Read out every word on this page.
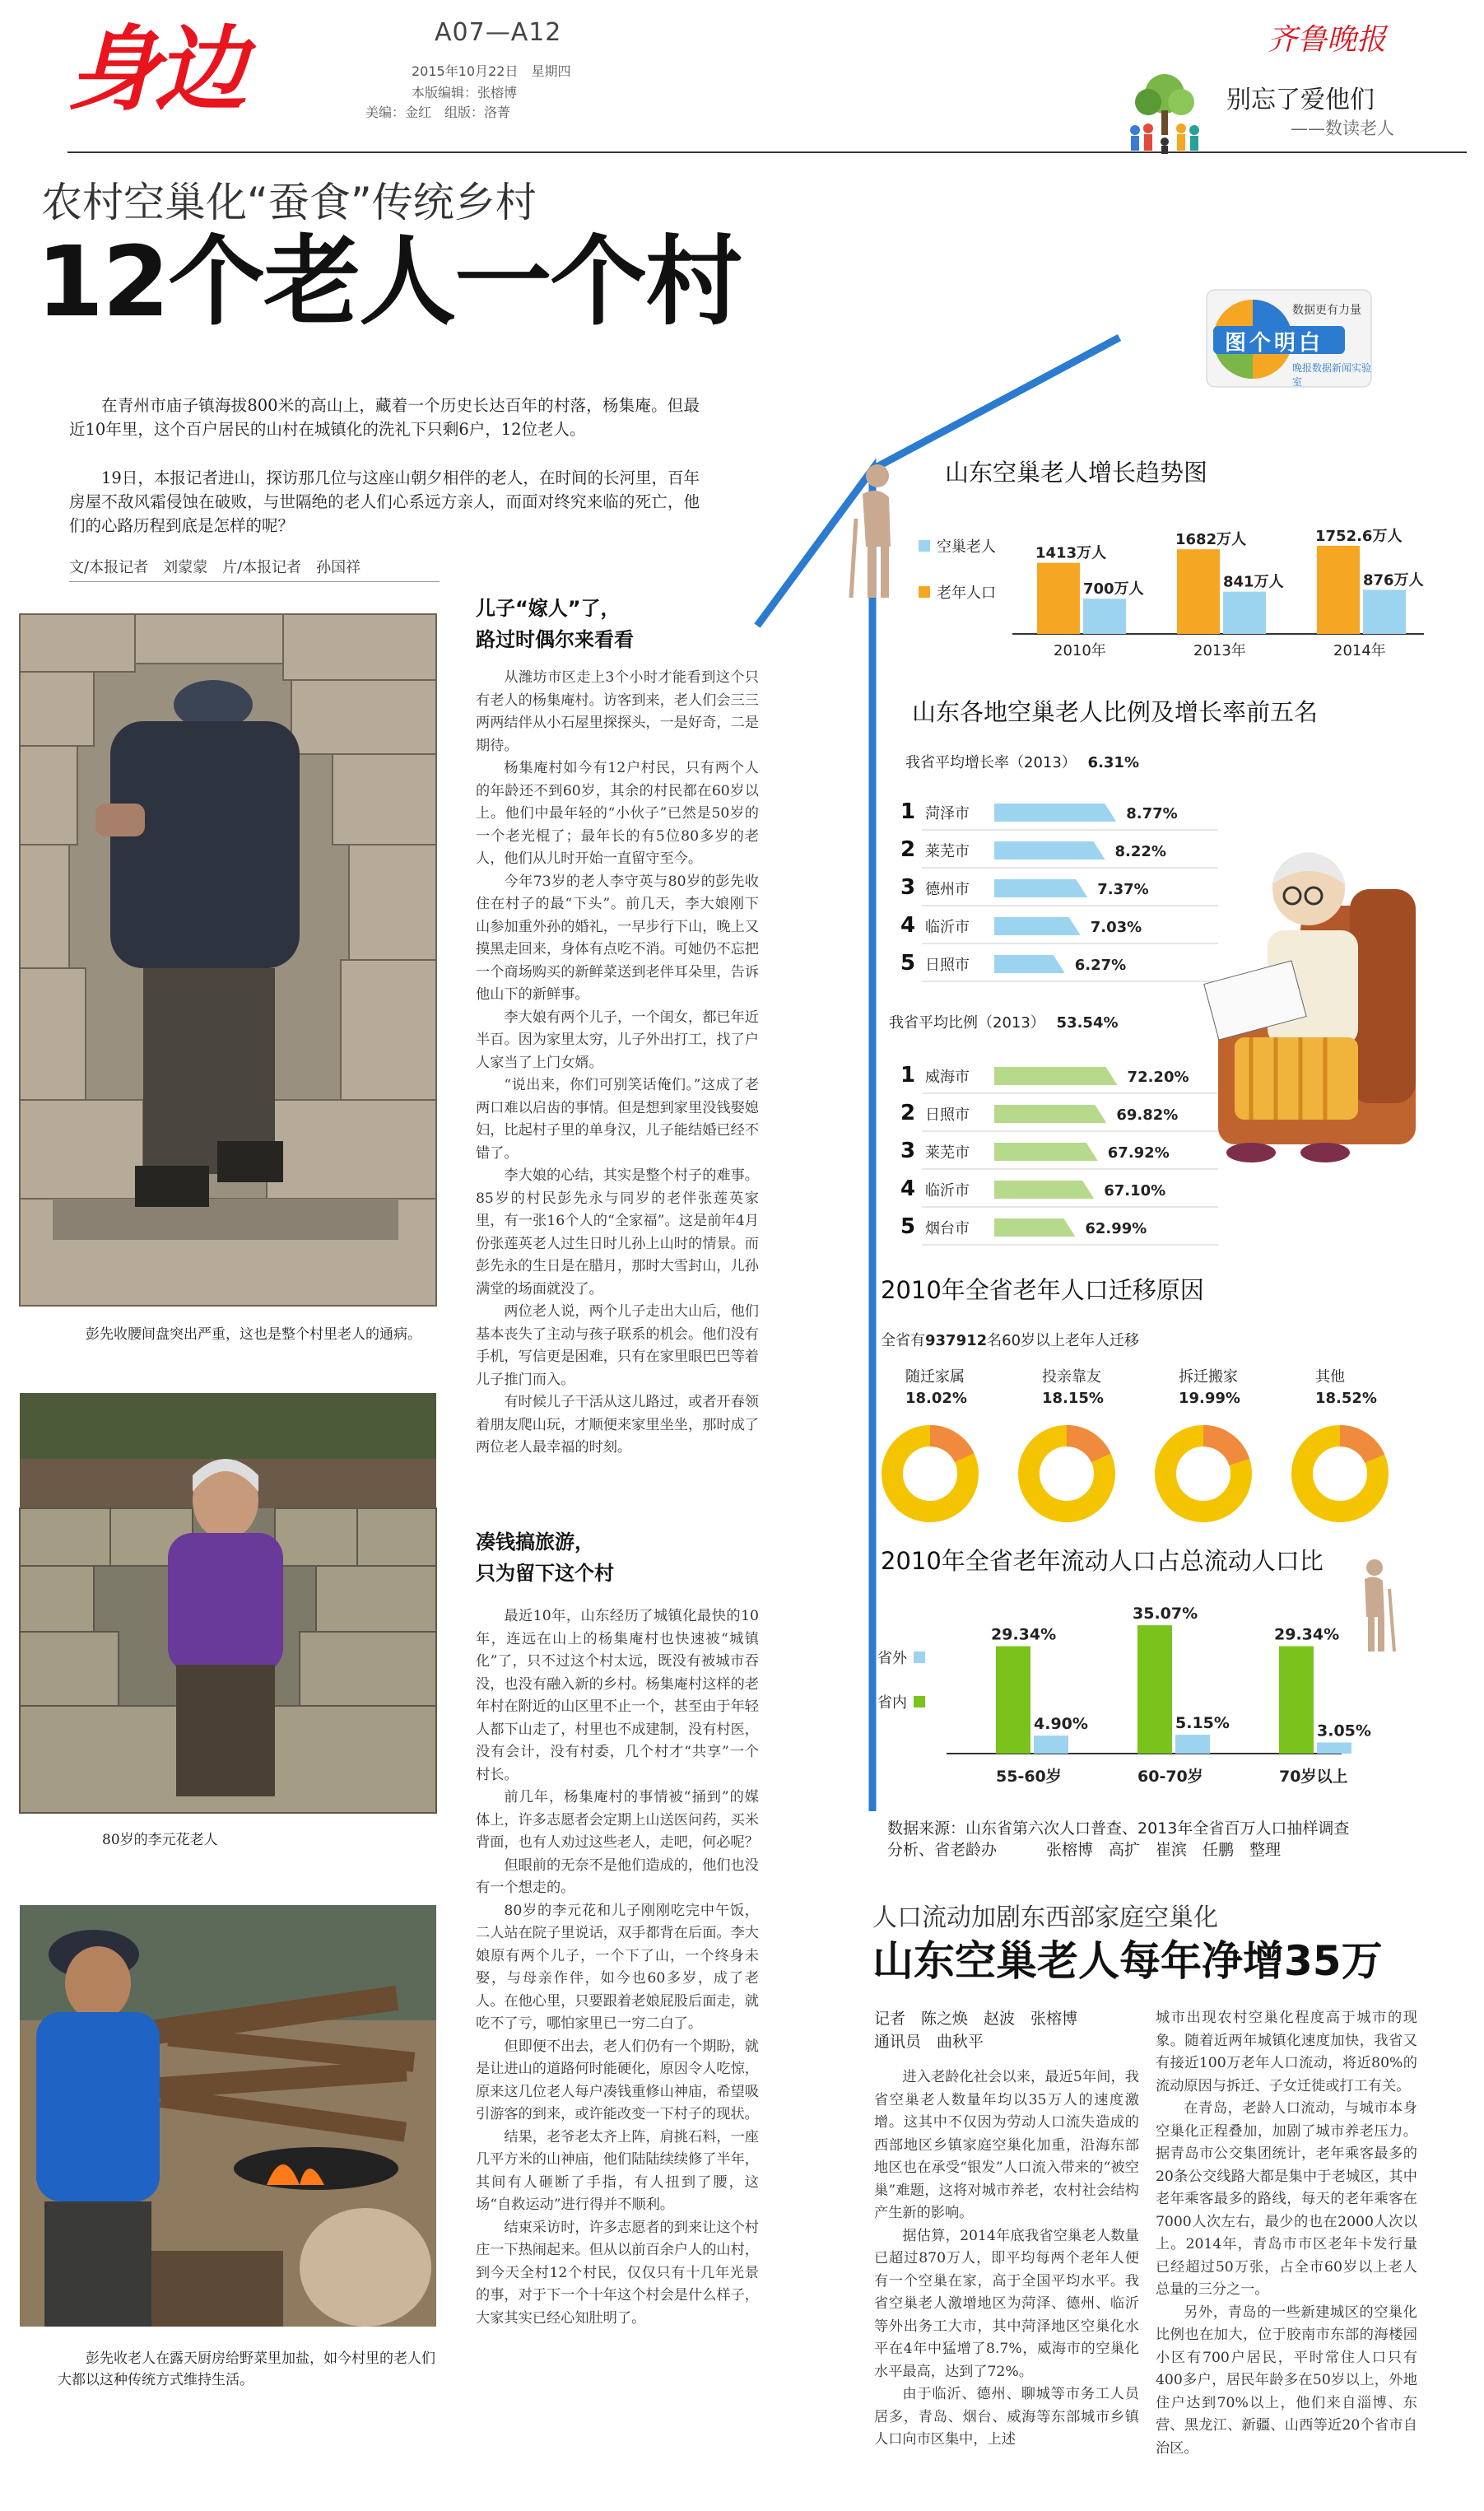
身边	A07—A12
2015年10月22日　星期四
本版编辑：张榕博
美编：金红　组版：洛菁
齐鲁晚报
别忘了爱他们
——数读老人
农村空巢化“蚕食”传统乡村
12个老人一个村
在青州市庙子镇海拔800米的高山上，藏着一个历史长达百年的村落，杨集庵。但最近10年里，这个百户居民的山村在城镇化的洗礼下只剩6户，12位老人。
19日，本报记者进山，探访那几位与这座山朝夕相伴的老人，在时间的长河里，百年房屋不敌风霜侵蚀在破败，与世隔绝的老人们心系远方亲人，而面对终究来临的死亡，他们的心路历程到底是怎样的呢？
文/本报记者　刘蒙蒙　片/本报记者　孙国祥
彭先收腰间盘突出严重，这也是整个村里老人的通病。
80岁的李元花老人
彭先收老人在露天厨房给野菜里加盐，如今村里的老人们大都以这种传统方式维持生活。
儿子“嫁人”了，
路过时偶尔来看看

从潍坊市区走上3个小时才能看到这个只有老人的杨集庵村。访客到来，老人们会三三两两结伴从小石屋里探探头，一是好奇，二是期待。

杨集庵村如今有12户村民，只有两个人的年龄还不到60岁，其余的村民都在60岁以上。他们中最年轻的“小伙子”已然是50岁的一个老光棍了；最年长的有5位80多岁的老人，他们从儿时开始一直留守至今。

今年73岁的老人李守英与80岁的彭先收住在村子的最“下头”。前几天，李大娘刚下山参加重外孙的婚礼，一早步行下山，晚上又摸黑走回来，身体有点吃不消。可她仍不忘把一个商场购买的新鲜菜送到老伴耳朵里，告诉他山下的新鲜事。

李大娘有两个儿子，一个闺女，都已年近半百。因为家里太穷，儿子外出打工，找了户人家当了上门女婿。

“说出来，你们可别笑话俺们。”这成了老两口难以启齿的事情。但是想到家里没钱娶媳妇，比起村子里的单身汉，儿子能结婚已经不错了。

李大娘的心结，其实是整个村子的难事。85岁的村民彭先永与同岁的老伴张莲英家里，有一张16个人的“全家福”。这是前年4月份张莲英老人过生日时儿孙上山时的情景。而彭先永的生日是在腊月，那时大雪封山，儿孙满堂的场面就没了。

两位老人说，两个儿子走出大山后，他们基本丧失了主动与孩子联系的机会。他们没有手机，写信更是困难，只有在家里眼巴巴等着儿子推门而入。

有时候儿子干活从这儿路过，或者开春领着朋友爬山玩，才顺便来家里坐坐，那时成了两位老人最幸福的时刻。

凑钱搞旅游，
只为留下这个村

最近10年，山东经历了城镇化最快的10年，连远在山上的杨集庵村也快速被“城镇化”了，只不过这个村太远，既没有被城市吞没，也没有融入新的乡村。杨集庵村这样的老年村在附近的山区里不止一个，甚至由于年轻人都下山走了，村里也不成建制，没有村医，没有会计，没有村委，几个村才“共享”一个村长。

前几年，杨集庵村的事情被“捅到”的媒体上，许多志愿者会定期上山送医问药，买米背面，也有人劝过这些老人，走吧，何必呢？

但眼前的无奈不是他们造成的，他们也没有一个想走的。

80岁的李元花和儿子刚刚吃完中午饭，二人站在院子里说话，双手都背在后面。李大娘原有两个儿子，一个下了山，一个终身未娶，与母亲作伴，如今也60多岁，成了老人。在他心里，只要跟着老娘屁股后面走，就吃不了亏，哪怕家里已一穷二白了。

但即便不出去，老人们仍有一个期盼，就是让进山的道路何时能硬化，原因令人吃惊，原来这几位老人每户凑钱重修山神庙，希望吸引游客的到来，或许能改变一下村子的现状。

结果，老爷老太齐上阵，肩挑石料，一座几平方米的山神庙，他们陆陆续续修了半年，其间有人砸断了手指，有人扭到了腰，这场“自救运动”进行得并不顺利。

结束采访时，许多志愿者的到来让这个村庄一下热闹起来。但从以前百余户人的山村，到今天全村12个村民，仅仅只有十几年光景的事，对于下一个十年这个村会是什么样子，大家其实已经心知肚明了。

数据更有力量
图个明白
晚报数据新闻实验室
山东空巢老人增长趋势图
空巢老人
老年人口
1413万人
700万人
2010年
1682万人
841万人
2013年
1752.6万人
876万人
2014年
山东各地空巢老人比例及增长率前五名
我省平均增长率（2013） 6.31%
1 菏泽市	8.77%
2 莱芜市	8.22%
3 德州市	7.37%
4 临沂市	7.03%
5 日照市	6.27%
我省平均比例（2013） 53.54%
1 威海市	72.20%
2 日照市	69.82%
3 莱芜市	67.92%
4 临沂市	67.10%
5 烟台市	62.99%
2010年全省老年人口迁移原因
全省有937912名60岁以上老年人迁移
随迁家属
18.02%
投亲靠友
18.15%
拆迁搬家
19.99%
其他
18.52%
2010年全省老年流动人口占总流动人口比
省外
省内
29.34%
4.90%
55-60岁
35.07%
5.15%
60-70岁
29.34%
3.05%
70岁以上
数据来源：山东省第六次人口普查、2013年全省百万人口抽样调查
分析、省老龄办	张榕博　高扩　崔滨　任鹏　整理
人口流动加剧东西部家庭空巢化
山东空巢老人每年净增35万
记者　陈之焕　赵波　张榕博
通讯员　曲秋平

进入老龄化社会以来，最近5年间，我省空巢老人数量年均以35万人的速度激增。这其中不仅因为劳动人口流失造成的西部地区乡镇家庭空巢化加重，沿海东部地区也在承受“银发”人口流入带来的“被空巢”难题，这将对城市养老，农村社会结构产生新的影响。

据估算，2014年底我省空巢老人数量已超过870万人，即平均每两个老年人便有一个空巢在家，高于全国平均水平。我省空巢老人激增地区为菏泽、德州、临沂等外出务工大市，其中菏泽地区空巢化水平在4年中猛增了8.7%，威海市的空巢化水平最高，达到了72%。

由于临沂、德州、聊城等市务工人员居多，青岛、烟台、威海等东部城市乡镇人口向市区集中，上述

城市出现农村空巢化程度高于城市的现象。随着近两年城镇化速度加快，我省又有接近100万老年人口流动，将近80%的流动原因与拆迁、子女迁徙或打工有关。

在青岛，老龄人口流动，与城市本身空巢化正程叠加，加剧了城市养老压力。据青岛市公交集团统计，老年乘客最多的20条公交线路大都是集中于老城区，其中老年乘客最多的路线，每天的老年乘客在7000人次左右，最少的也在2000人次以上。2014年，青岛市市区老年卡发行量已经超过50万张，占全市60岁以上老人总量的三分之一。

另外，青岛的一些新建城区的空巢化比例也在加大，位于胶南市东部的海楼园小区有700户居民，平时常住人口只有400多户，居民年龄多在50岁以上，外地住户达到70%以上，他们来自淄博、东营、黑龙江、新疆、山西等近20个省市自治区。
